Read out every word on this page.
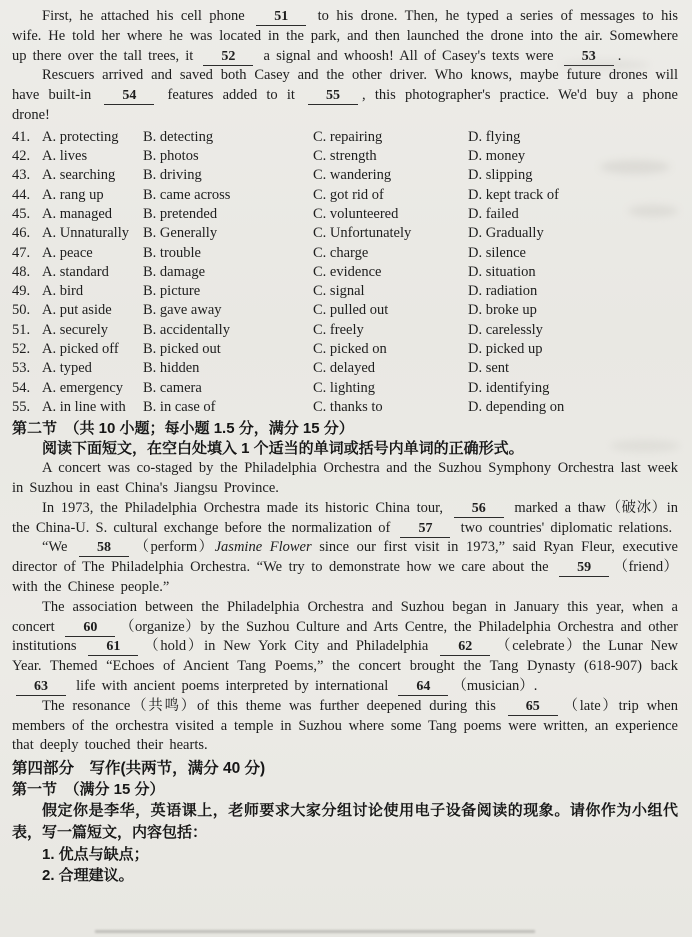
First, he attached his cell phone 51 to his drone. Then, he typed a series of messages to his wife. He told her where he was located in the park, and then launched the drone into the air. Somewhere up there over the tall trees, it 52 a signal and whoosh! All of Casey's texts were 53 .

Rescuers arrived and saved both Casey and the other driver. Who knows, maybe future drones will have built-in 54 features added to it 55 , this photographer's practice. We'd buy a phone drone!

41. A. protecting	B. detecting	C. repairing	D. flying
42. A. lives	B. photos	C. strength	D. money
43. A. searching	B. driving	C. wandering	D. slipping
44. A. rang up	B. came across	C. got rid of	D. kept track of
45. A. managed	B. pretended	C. volunteered	D. failed
46. A. Unnaturally B. Generally	C. Unfortunately	D. Gradually
47. A. peace	B. trouble	C. charge	D. silence
48. A. standard	B. damage	C. evidence	D. situation
49. A. bird	B. picture	C. signal	D. radiation
50. A. put aside	B. gave away	C. pulled out	D. broke up
51. A. securely	B. accidentally	C. freely	D. carelessly
52. A. picked off	B. picked out	C. picked on	D. picked up
53. A. typed	B. hidden	C. delayed	D. sent
54. A. emergency	B. camera	C. lighting	D. identifying
55. A. in line with	B. in case of	C. thanks to	D. depending on
第二节　（共 10 小题；每小题 1.5 分，满分 15 分）
阅读下面短文，在空白处填入 1 个适当的单词或括号内单词的正确形式。

A concert was co-staged by the Philadelphia Orchestra and the Suzhou Symphony Orchestra last week in Suzhou in east China's Jiangsu Province.

In 1973, the Philadelphia Orchestra made its historic China tour, 56 marked a thaw（破冰）in the China-U. S. cultural exchange before the normalization of 57 two countries' diplomatic relations.

“We 58 （perform）Jasmine Flower since our first visit in 1973,” said Ryan Fleur, executive director of The Philadelphia Orchestra. “We try to demonstrate how we care about the 59 （friend）with the Chinese people.”

The association between the Philadelphia Orchestra and Suzhou began in January this year, when a concert 60 （organize）by the Suzhou Culture and Arts Centre, the Philadelphia Orchestra and other institutions 61 （hold）in New York City and Philadelphia 62 （celebrate）the Lunar New Year. Themed “Echoes of Ancient Tang Poems,” the concert brought the Tang Dynasty (618-907) back 63 life with ancient poems interpreted by international 64 （musician）.

The resonance（共鸣）of this theme was further deepened during this 65 （late）trip when members of the orchestra visited a temple in Suzhou where some Tang poems were written, an experience that deeply touched their hearts.

第四部分　写作(共两节，满分 40 分)
第一节　（满分 15 分）
假定你是李华，英语课上，老师要求大家分组讨论使用电子设备阅读的现象。请你作为小组代表，写一篇短文，内容包括：
1. 优点与缺点；
2. 合理建议。
